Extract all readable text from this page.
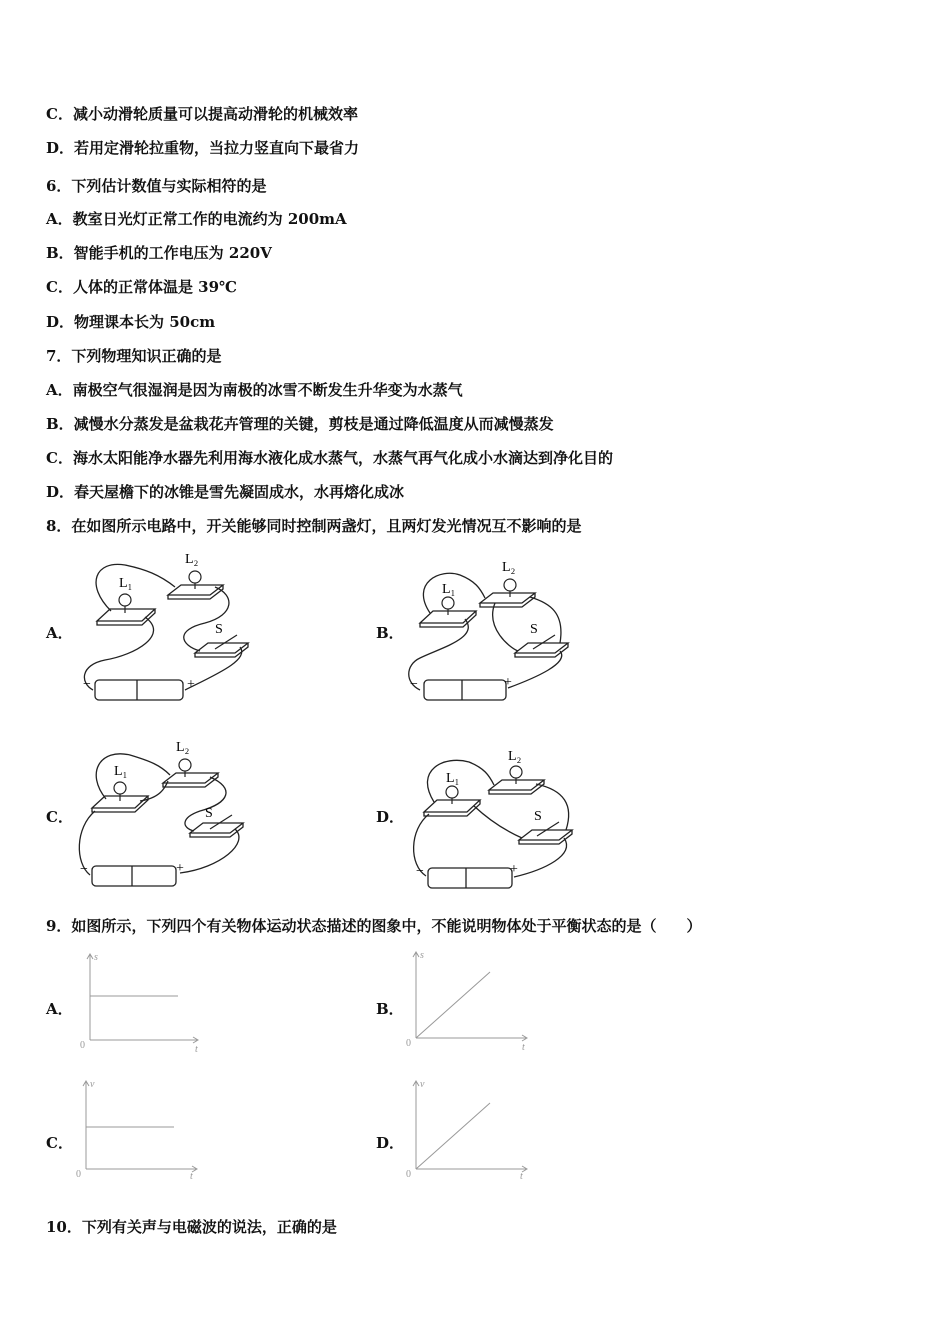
C．减小动滑轮质量可以提高动滑轮的机械效率
D．若用定滑轮拉重物，当拉力竖直向下最省力
6．下列估计数值与实际相符的是
A．教室日光灯正常工作的电流约为 200mA
B．智能手机的工作电压为 220V
C．人体的正常体温是 39℃
D．物理课本长为 50cm
7．下列物理知识正确的是
A．南极空气很湿润是因为南极的冰雪不断发生升华变为水蒸气
B．减慢水分蒸发是盆栽花卉管理的关键，剪枝是通过降低温度从而减慢蒸发
C．海水太阳能净水器先利用海水液化成水蒸气，水蒸气再气化成小水滴达到净化目的
D．春天屋檐下的冰锥是雪先凝固成水，水再熔化成冰
8．在如图所示电路中，开关能够同时控制两盏灯，且两灯发光情况互不影响的是
A．	B．
C．	D．
L₁
L₂
S
−	+
L₁
L₂
S
−	+
L₁
L₂
S
−	+
L₁
L₂
S
−	+
9．如图所示，下列四个有关物体运动状态描述的图象中，不能说明物体处于平衡状态的是（　　）
A．	B．
C．	D．
s
t
0
s
t
0
v
t
0
v
t
0
10．下列有关声与电磁波的说法，正确的是
